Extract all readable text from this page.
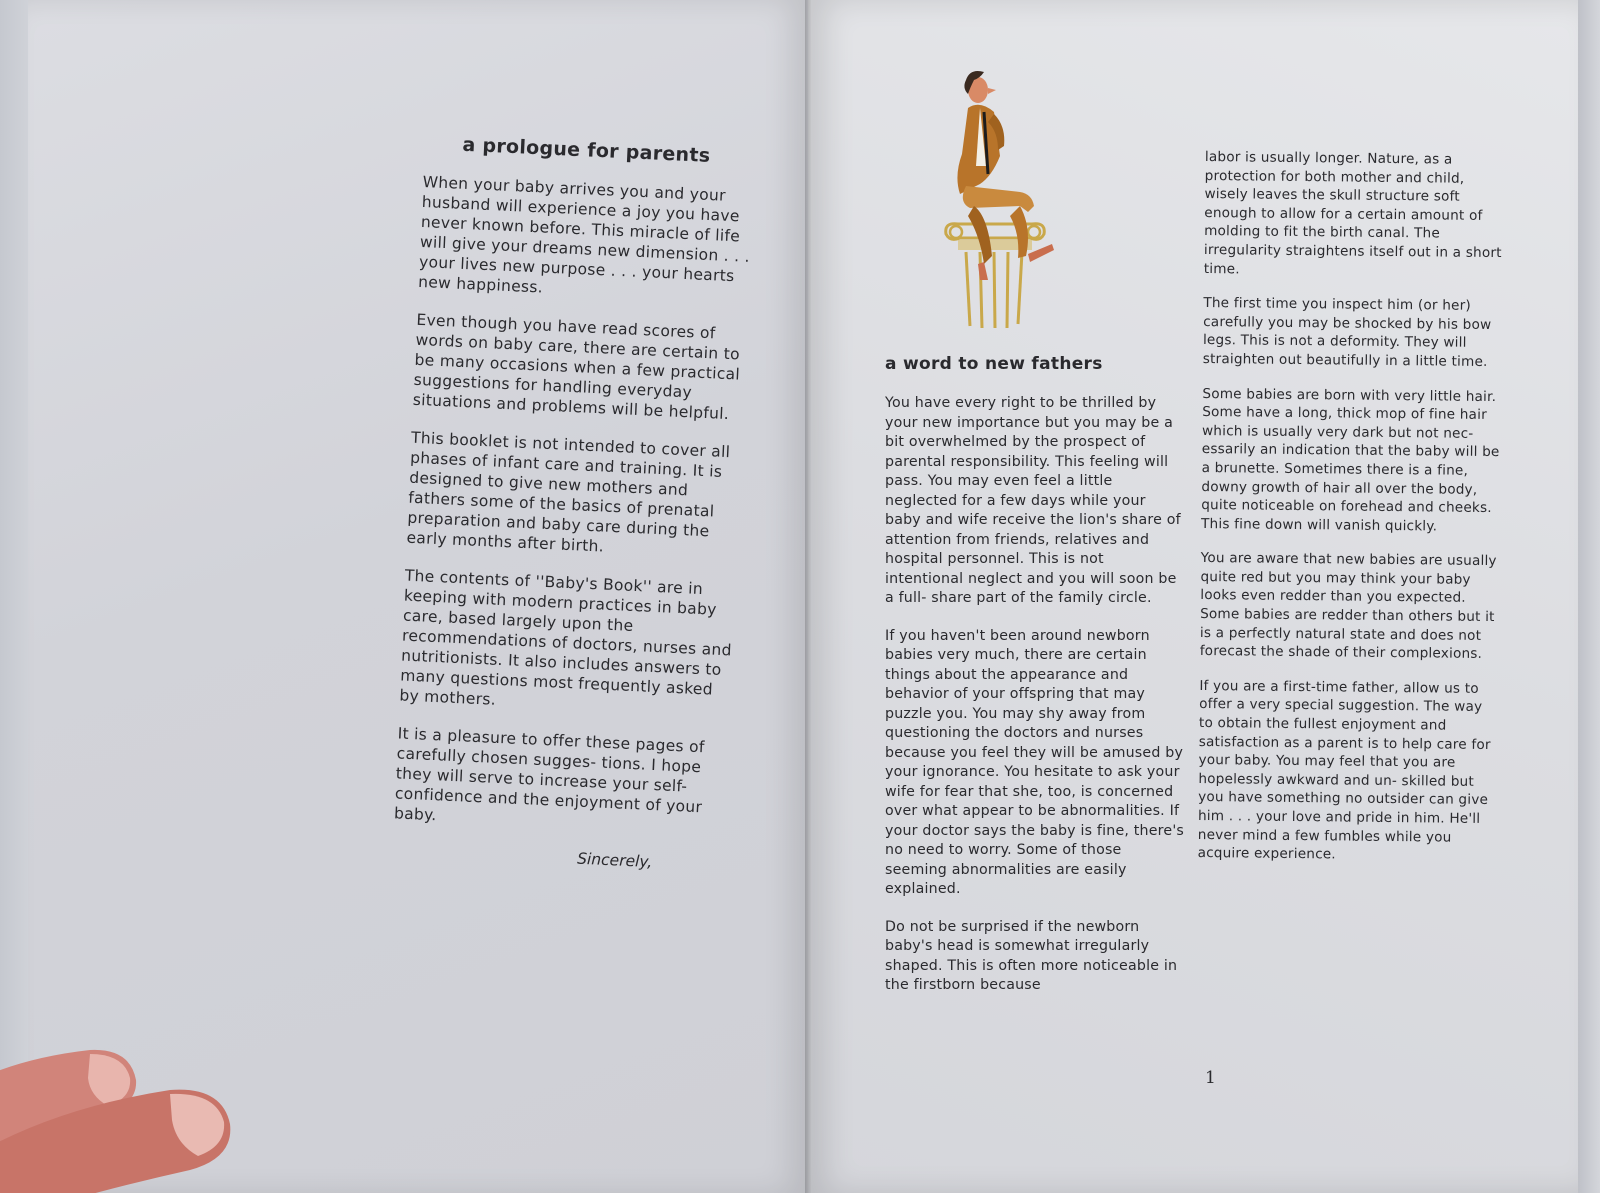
a prologue for parents

When your baby arrives you and your husband will experience a joy you have never known before. This miracle of life will give your dreams new dimension . . . your lives new purpose . . . your hearts new happiness.

Even though you have read scores of words on baby care, there are certain to be many occasions when a few practical suggestions for handling everyday situations and problems will be helpful.

This booklet is not intended to cover all phases of infant care and training. It is designed to give new mothers and fathers some of the basics of prenatal preparation and baby care during the early months after birth.

The contents of ''Baby's Book'' are in keeping with modern practices in baby care, based largely upon the recommendations of doctors, nurses and nutritionists. It also includes answers to many questions most frequently asked by mothers.

It is a pleasure to offer these pages of carefully chosen sugges- tions. I hope they will serve to increase your self-confidence and the enjoyment of your baby.

Sincerely,
a word to new fathers

You have every right to be thrilled by your new importance but you may be a bit overwhelmed by the prospect of parental responsibility. This feeling will pass. You may even feel a little neglected for a few days while your baby and wife receive the lion's share of attention from friends, relatives and hospital personnel. This is not intentional neglect and you will soon be a full- share part of the family circle.

If you haven't been around newborn babies very much, there are certain things about the appearance and behavior of your offspring that may puzzle you. You may shy away from questioning the doctors and nurses because you feel they will be amused by your ignorance. You hesitate to ask your wife for fear that she, too, is concerned over what appear to be abnormalities. If your doctor says the baby is fine, there's no need to worry. Some of those seeming abnormalities are easily explained.

Do not be surprised if the newborn baby's head is somewhat irregularly shaped. This is often more noticeable in the firstborn because

labor is usually longer. Nature, as a protection for both mother and child, wisely leaves the skull structure soft enough to allow for a certain amount of molding to fit the birth canal. The irregularity straightens itself out in a short time.

The first time you inspect him (or her) carefully you may be shocked by his bow legs. This is not a deformity. They will straighten out beautifully in a little time.

Some babies are born with very little hair. Some have a long, thick mop of fine hair which is usually very dark but not nec- essarily an indication that the baby will be a brunette. Sometimes there is a fine, downy growth of hair all over the body, quite noticeable on forehead and cheeks. This fine down will vanish quickly.

You are aware that new babies are usually quite red but you may think your baby looks even redder than you expected. Some babies are redder than others but it is a perfectly natural state and does not forecast the shade of their complexions.

If you are a first-time father, allow us to offer a very special suggestion. The way to obtain the fullest enjoyment and satisfaction as a parent is to help care for your baby. You may feel that you are hopelessly awkward and un- skilled but you have something no outsider can give him . . . your love and pride in him. He'll never mind a few fumbles while you acquire experience.

1
